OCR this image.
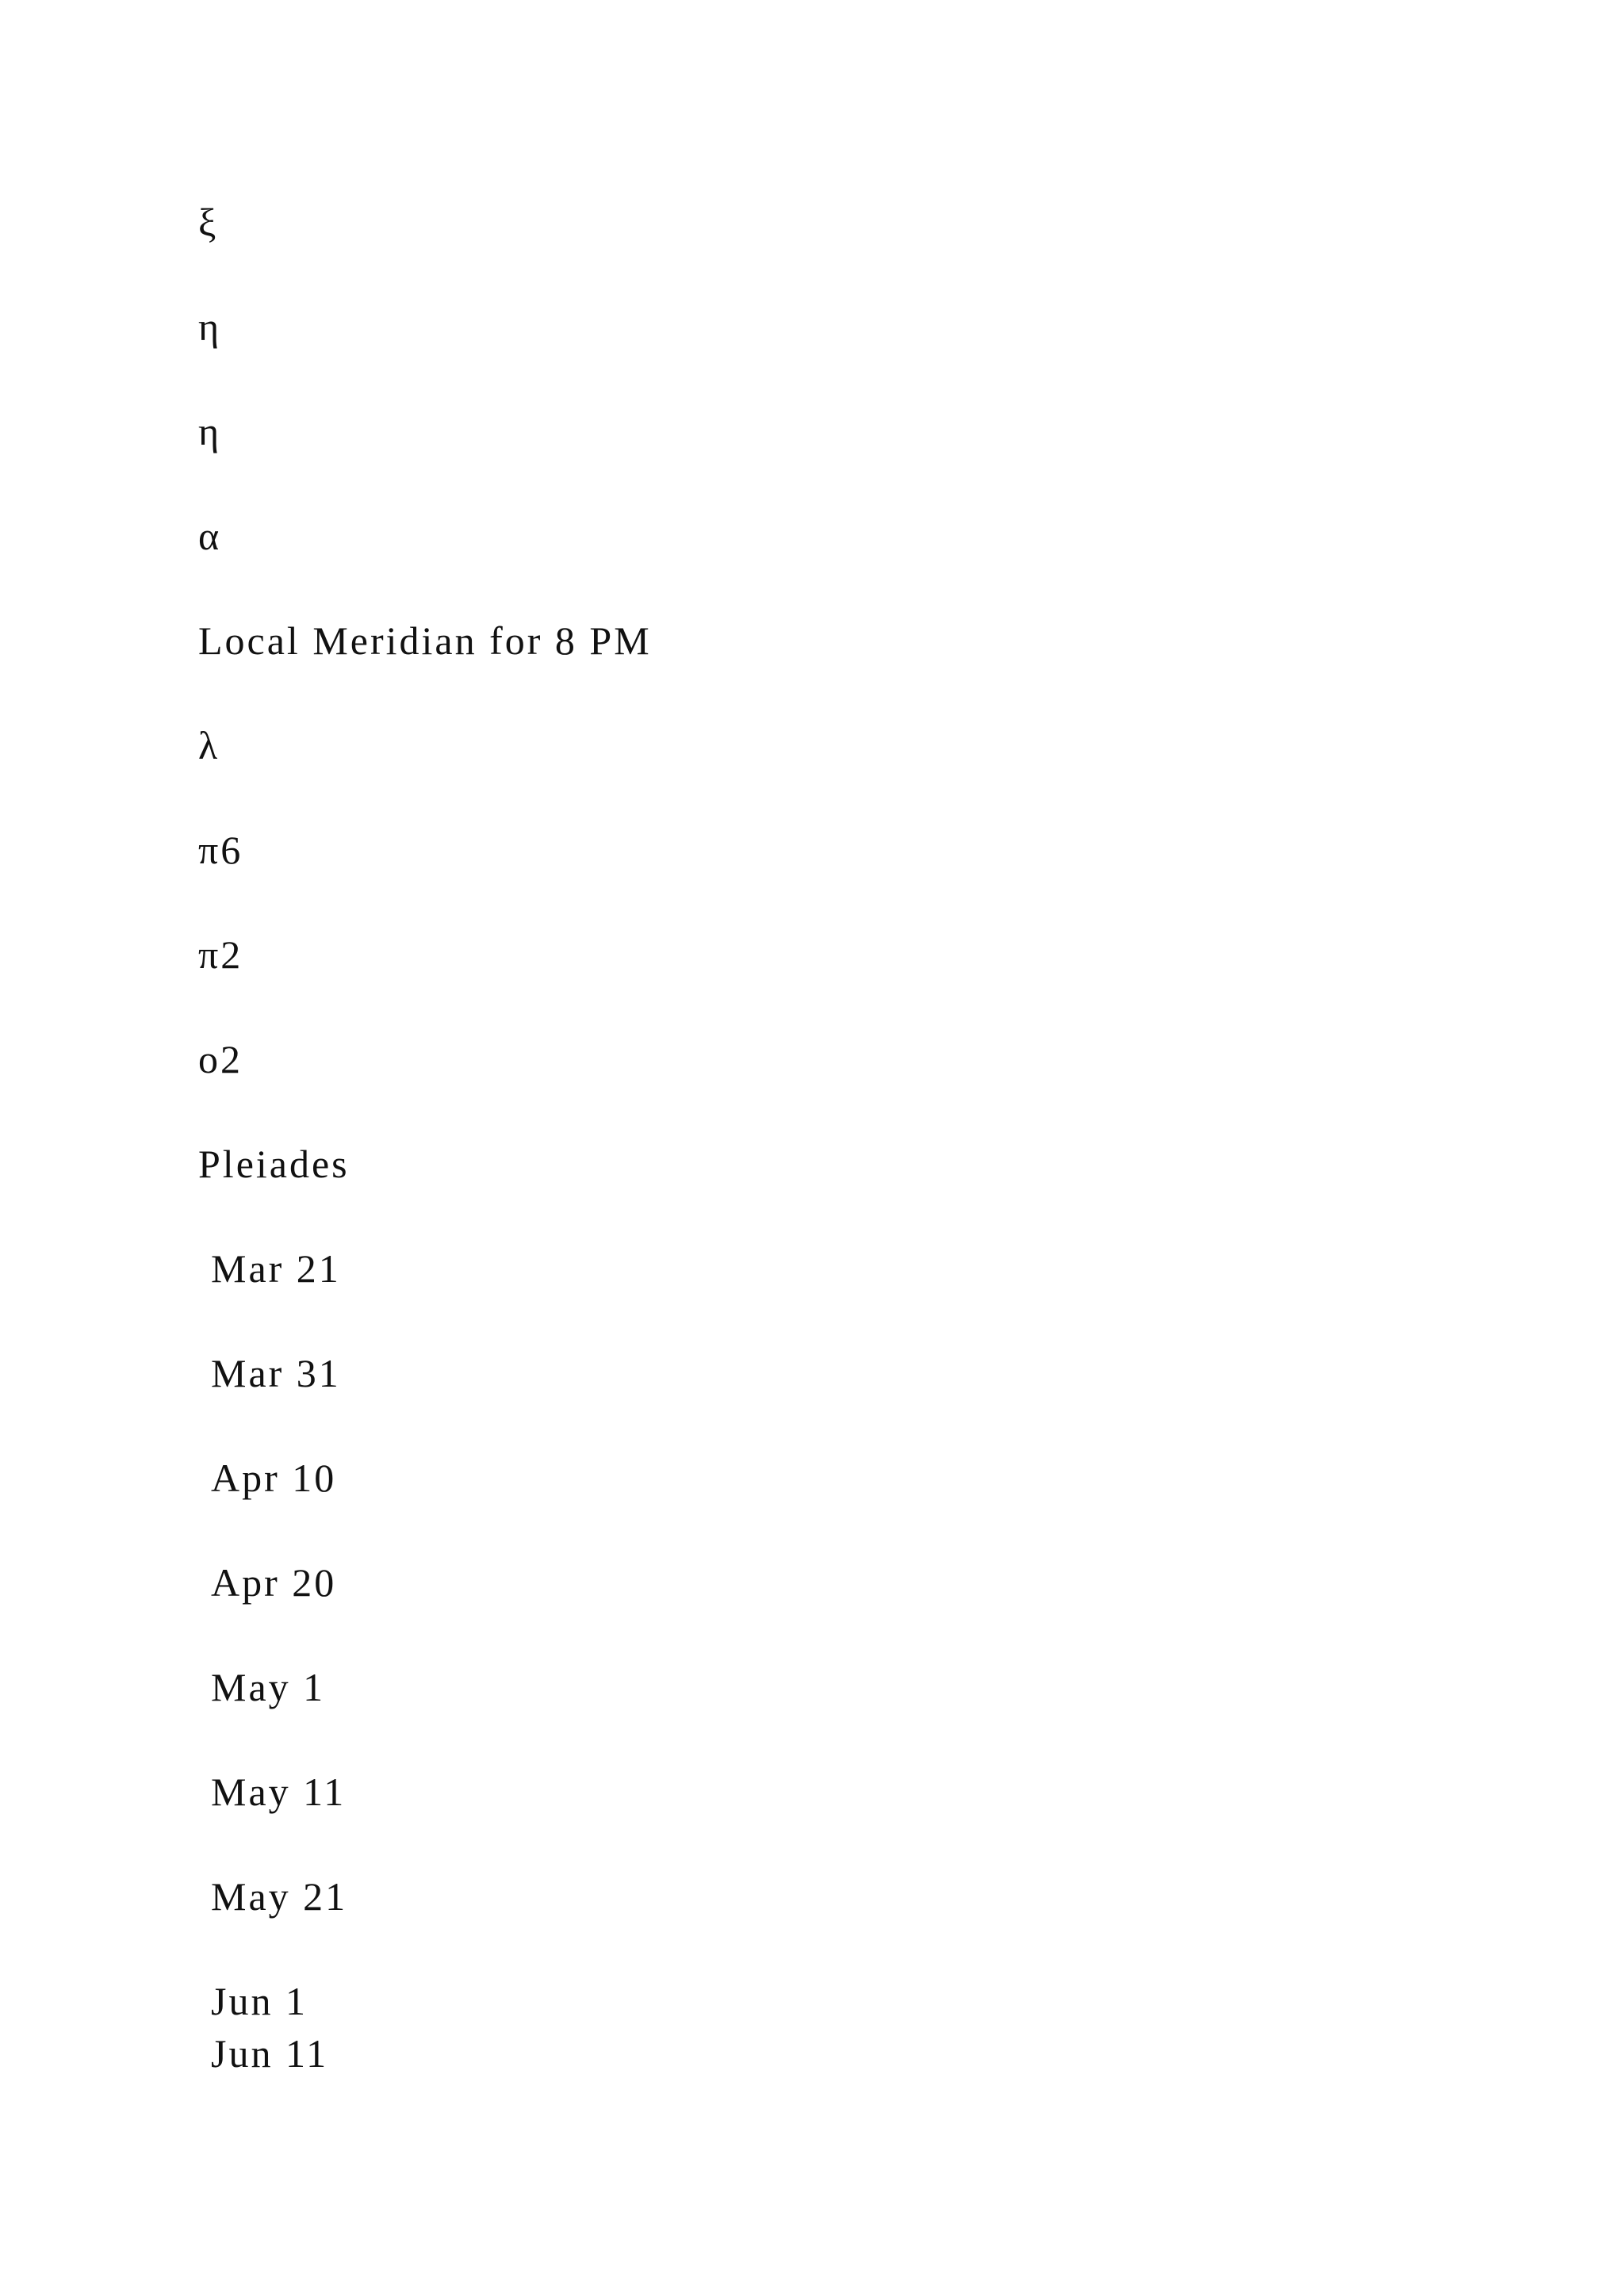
ξ

η

η

α

Local Meridian for 8 PM

λ

π6

π2

o2

Pleiades

Mar 21

Mar 31

Apr 10

Apr 20

May 1

May 11

May 21

Jun 1

Jun 11
